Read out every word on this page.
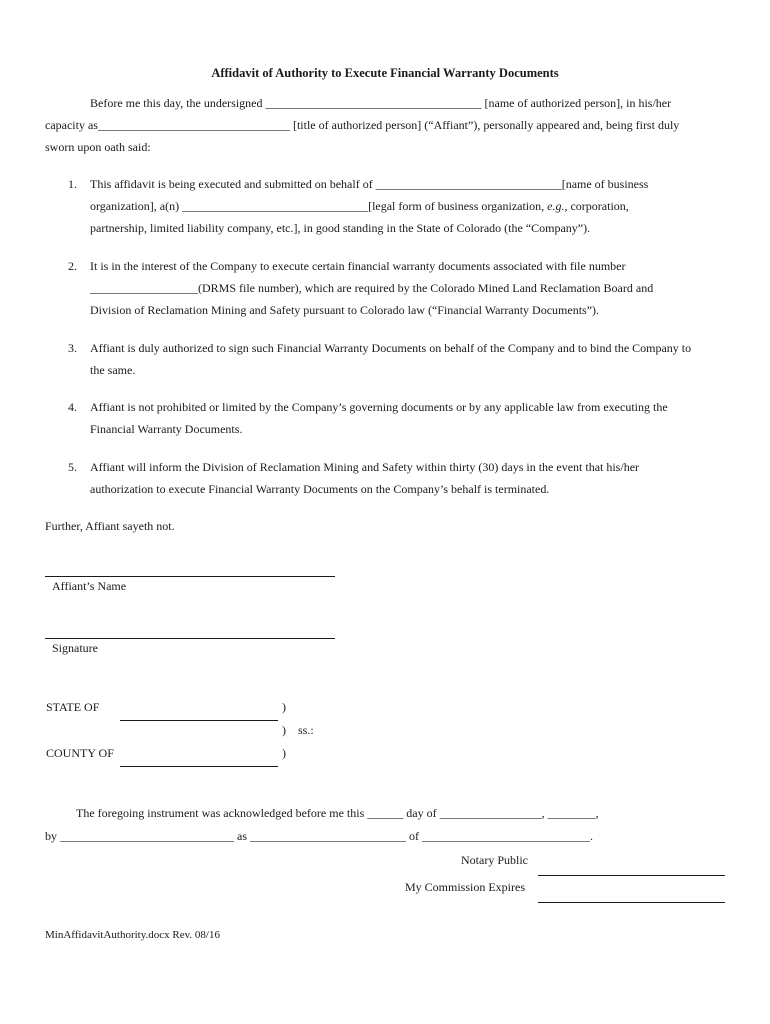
Affidavit of Authority to Execute Financial Warranty Documents
Before me this day, the undersigned ____________________________________ [name of authorized person], in his/her
capacity as________________________________ [title of authorized person] (“Affiant”), personally appeared and, being first duly
sworn upon oath said:
1. This affidavit is being executed and submitted on behalf of _______________________________[name of business
organization], a(n) _______________________________[legal form of business organization, e.g., corporation,
partnership, limited liability company, etc.], in good standing in the State of Colorado (the “Company”).
2. It is in the interest of the Company to execute certain financial warranty documents associated with file number
__________________(DRMS file number), which are required by the Colorado Mined Land Reclamation Board and
Division of Reclamation Mining and Safety pursuant to Colorado law (“Financial Warranty Documents”).
3. Affiant is duly authorized to sign such Financial Warranty Documents on behalf of the Company and to bind the Company to
the same.
4. Affiant is not prohibited or limited by the Company’s governing documents or by any applicable law from executing the
Financial Warranty Documents.
5. Affiant will inform the Division of Reclamation Mining and Safety within thirty (30) days in the event that his/her
authorization to execute Financial Warranty Documents on the Company’s behalf is terminated.
Further, Affiant sayeth not.
Affiant’s Name
Signature
STATE OF	)
) ss.:
COUNTY OF	)
The foregoing instrument was acknowledged before me this ______ day of _________________, ________,
by _____________________________ as __________________________ of ____________________________.
Notary Public
My Commission Expires
MinAffidavitAuthority.docx Rev. 08/16
